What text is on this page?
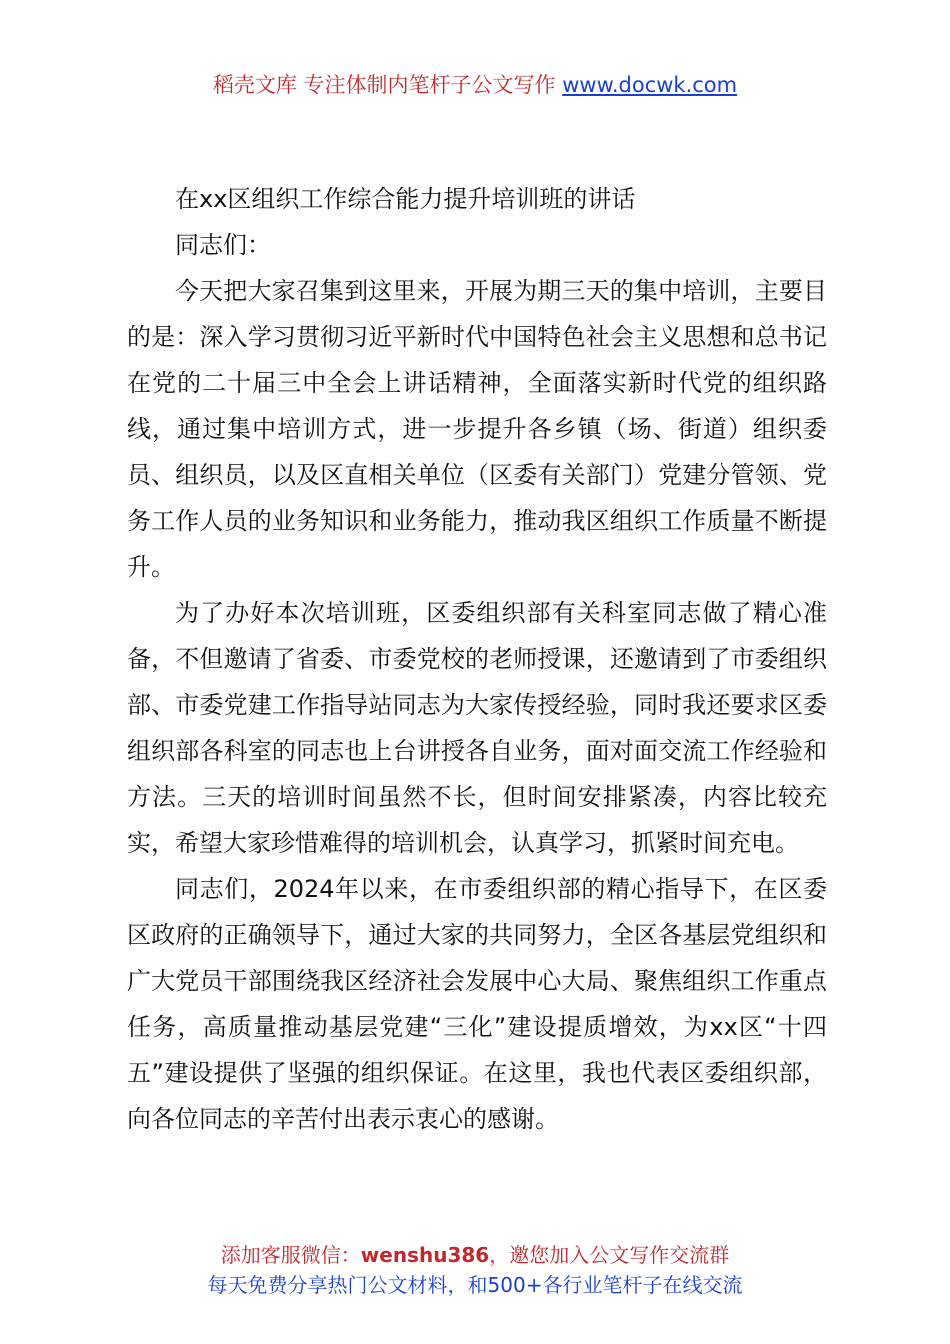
稻壳文库 专注体制内笔杆子公文写作 www.docwk.com

在xx区组织工作综合能力提升培训班的讲话

同志们：

今天把大家召集到这里来，开展为期三天的集中培训，主要目的是：深入学习贯彻习近平新时代中国特色社会主义思想和总书记在党的二十届三中全会上讲话精神，全面落实新时代党的组织路线，通过集中培训方式，进一步提升各乡镇（场、街道）组织委员、组织员，以及区直相关单位（区委有关部门）党建分管领、党务工作人员的业务知识和业务能力，推动我区组织工作质量不断提升。

为了办好本次培训班，区委组织部有关科室同志做了精心准备，不但邀请了省委、市委党校的老师授课，还邀请到了市委组织部、市委党建工作指导站同志为大家传授经验，同时我还要求区委组织部各科室的同志也上台讲授各自业务，面对面交流工作经验和方法。三天的培训时间虽然不长，但时间安排紧凑，内容比较充实，希望大家珍惜难得的培训机会，认真学习，抓紧时间充电。

同志们，2024年以来，在市委组织部的精心指导下，在区委区政府的正确领导下，通过大家的共同努力，全区各基层党组织和广大党员干部围绕我区经济社会发展中心大局、聚焦组织工作重点任务，高质量推动基层党建“三化”建设提质增效，为xx区“十四五”建设提供了坚强的组织保证。在这里，我也代表区委组织部，向各位同志的辛苦付出表示衷心的感谢。

添加客服微信：wenshu386，邀您加入公文写作交流群
每天免费分享热门公文材料，和500+各行业笔杆子在线交流
